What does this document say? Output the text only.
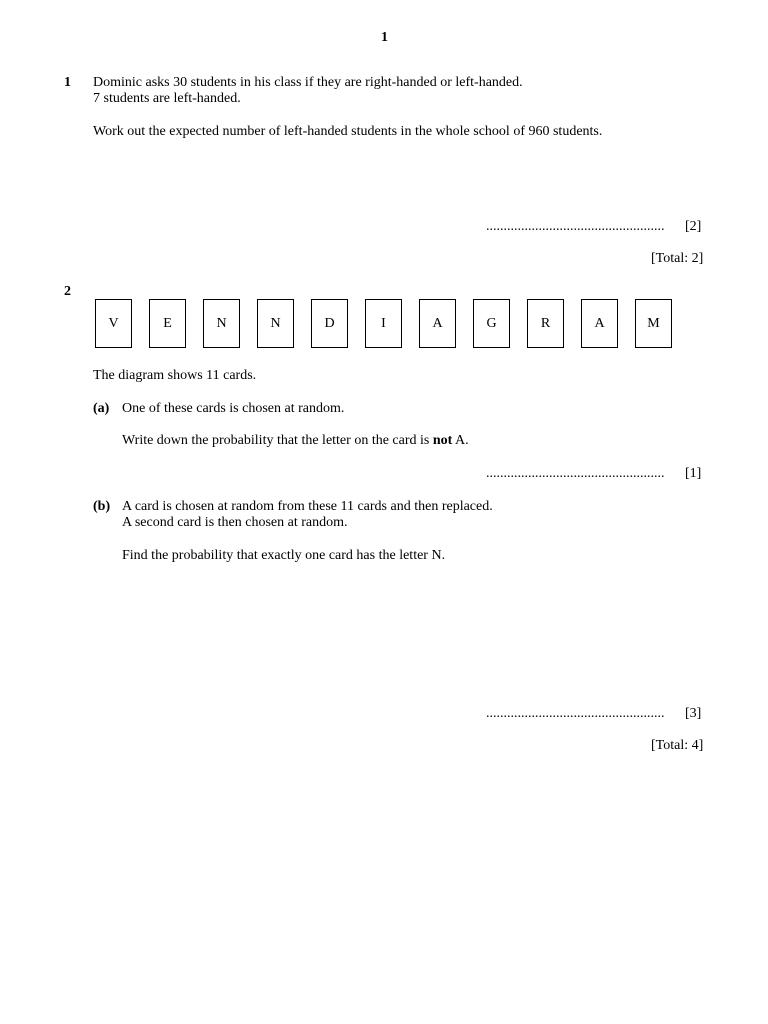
1
1 Dominic asks 30 students in his class if they are right-handed or left-handed.
7 students are left-handed.
Work out the expected number of left-handed students in the whole school of 960 students.
................................................... [2]
[Total: 2]
2
V	E	N	N	D	I	A	G	R	A	M
The diagram shows 11 cards.
(a) One of these cards is chosen at random.
Write down the probability that the letter on the card is not A.
................................................... [1]
(b) A card is chosen at random from these 11 cards and then replaced.
A second card is then chosen at random.
Find the probability that exactly one card has the letter N.
................................................... [3]
[Total: 4]
